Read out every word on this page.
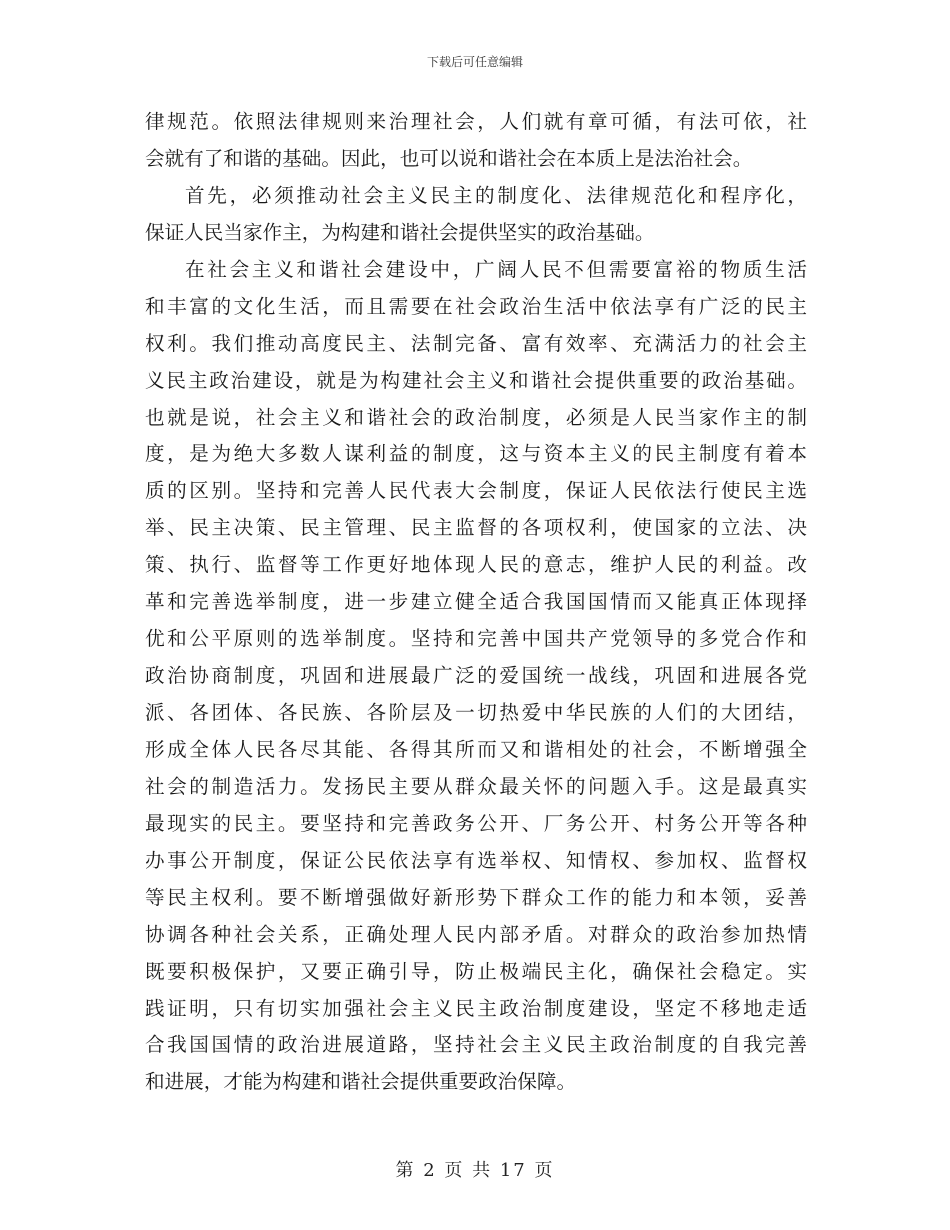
下载后可任意编辑
律规范。依照法律规则来治理社会，人们就有章可循，有法可依，社
会就有了和谐的基础。因此，也可以说和谐社会在本质上是法治社会。
首先，必须推动社会主义民主的制度化、法律规范化和程序化，
保证人民当家作主，为构建和谐社会提供坚实的政治基础。
在社会主义和谐社会建设中，广阔人民不但需要富裕的物质生活
和丰富的文化生活，而且需要在社会政治生活中依法享有广泛的民主
权利。我们推动高度民主、法制完备、富有效率、充满活力的社会主
义民主政治建设，就是为构建社会主义和谐社会提供重要的政治基础。
也就是说，社会主义和谐社会的政治制度，必须是人民当家作主的制
度，是为绝大多数人谋利益的制度，这与资本主义的民主制度有着本
质的区别。坚持和完善人民代表大会制度，保证人民依法行使民主选
举、民主决策、民主管理、民主监督的各项权利，使国家的立法、决
策、执行、监督等工作更好地体现人民的意志，维护人民的利益。改
革和完善选举制度，进一步建立健全适合我国国情而又能真正体现择
优和公平原则的选举制度。坚持和完善中国共产党领导的多党合作和
政治协商制度，巩固和进展最广泛的爱国统一战线，巩固和进展各党
派、各团体、各民族、各阶层及一切热爱中华民族的人们的大团结，
形成全体人民各尽其能、各得其所而又和谐相处的社会，不断增强全
社会的制造活力。发扬民主要从群众最关怀的问题入手。这是最真实
最现实的民主。要坚持和完善政务公开、厂务公开、村务公开等各种
办事公开制度，保证公民依法享有选举权、知情权、参加权、监督权
等民主权利。要不断增强做好新形势下群众工作的能力和本领，妥善
协调各种社会关系，正确处理人民内部矛盾。对群众的政治参加热情
既要积极保护，又要正确引导，防止极端民主化，确保社会稳定。实
践证明，只有切实加强社会主义民主政治制度建设，坚定不移地走适
合我国国情的政治进展道路，坚持社会主义民主政治制度的自我完善
和进展，才能为构建和谐社会提供重要政治保障。
第 2 页 共 17 页
